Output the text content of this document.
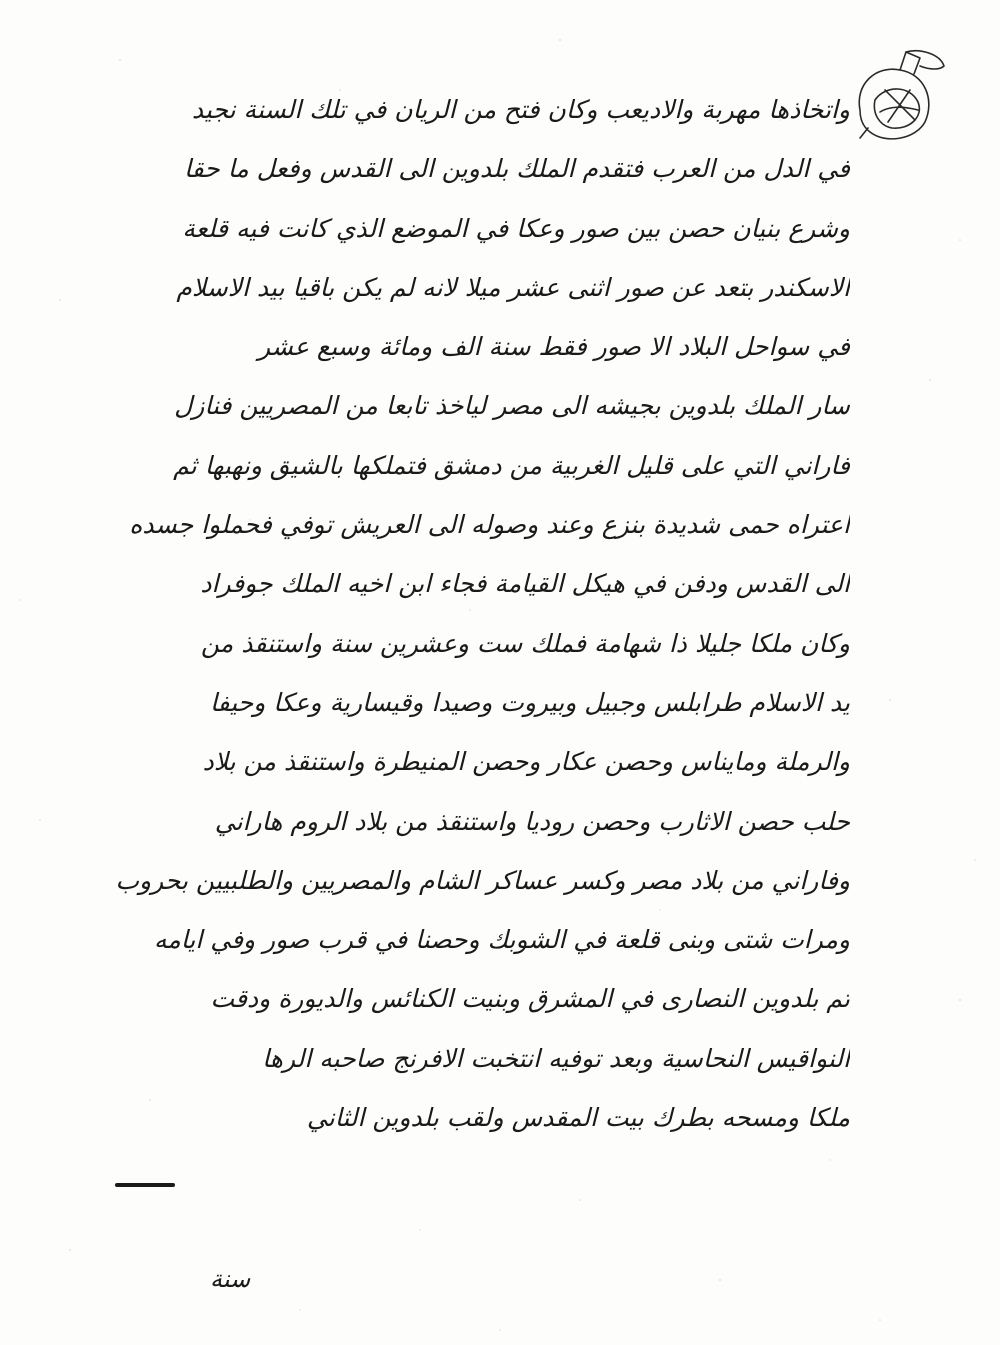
واتخاذها مهربة والاديعب وكان فتح من الريان في تلك السنة نجيد
في الدل من العرب فتقدم الملك بلدوين الى القدس وفعل ما حقا
وشرع بنيان حصن بين صور وعكا في الموضع الذي كانت فيه قلعة
الاسكندر بتعد عن صور اثنى عشر ميلا لانه لم يكن باقيا بيد الاسلام
في سواحل البلاد الا صور فقط سنة الف ومائة وسبع عشر
سار الملك بلدوين بجيشه الى مصر لياخذ تابعا من المصريين فنازل
فاراني التي على قليل الغربية من دمشق فتملكها بالشيق ونهبها ثم
اعتراه حمى شديدة بنزع وعند وصوله الى العريش توفي فحملوا جسده
الى القدس ودفن في هيكل القيامة فجاء ابن اخيه الملك جوفراد
وكان ملكا جليلا ذا شهامة فملك ست وعشرين سنة واستنقذ من
يد الاسلام طرابلس وجبيل وبيروت وصيدا وقيسارية وعكا وحيفا
والرملة ومايناس وحصن عكار وحصن المنيطرة واستنقذ من بلاد
حلب حصن الاثارب وحصن روديا واستنقذ من بلاد الروم هاراني
وفاراني من بلاد مصر وكسر عساكر الشام والمصريين والطلبيين بحروب
ومرات شتى وبنى قلعة في الشوبك وحصنا في قرب صور وفي ايامه
تم بلدوين النصارى في المشرق وبنيت الكنائس والديورة ودقت
النواقيس النحاسية وبعد توفيه انتخبت الافرنج صاحبه الرها
ملكا ومسحه بطرك بيت المقدس ولقب بلدوين الثاني
سنة
